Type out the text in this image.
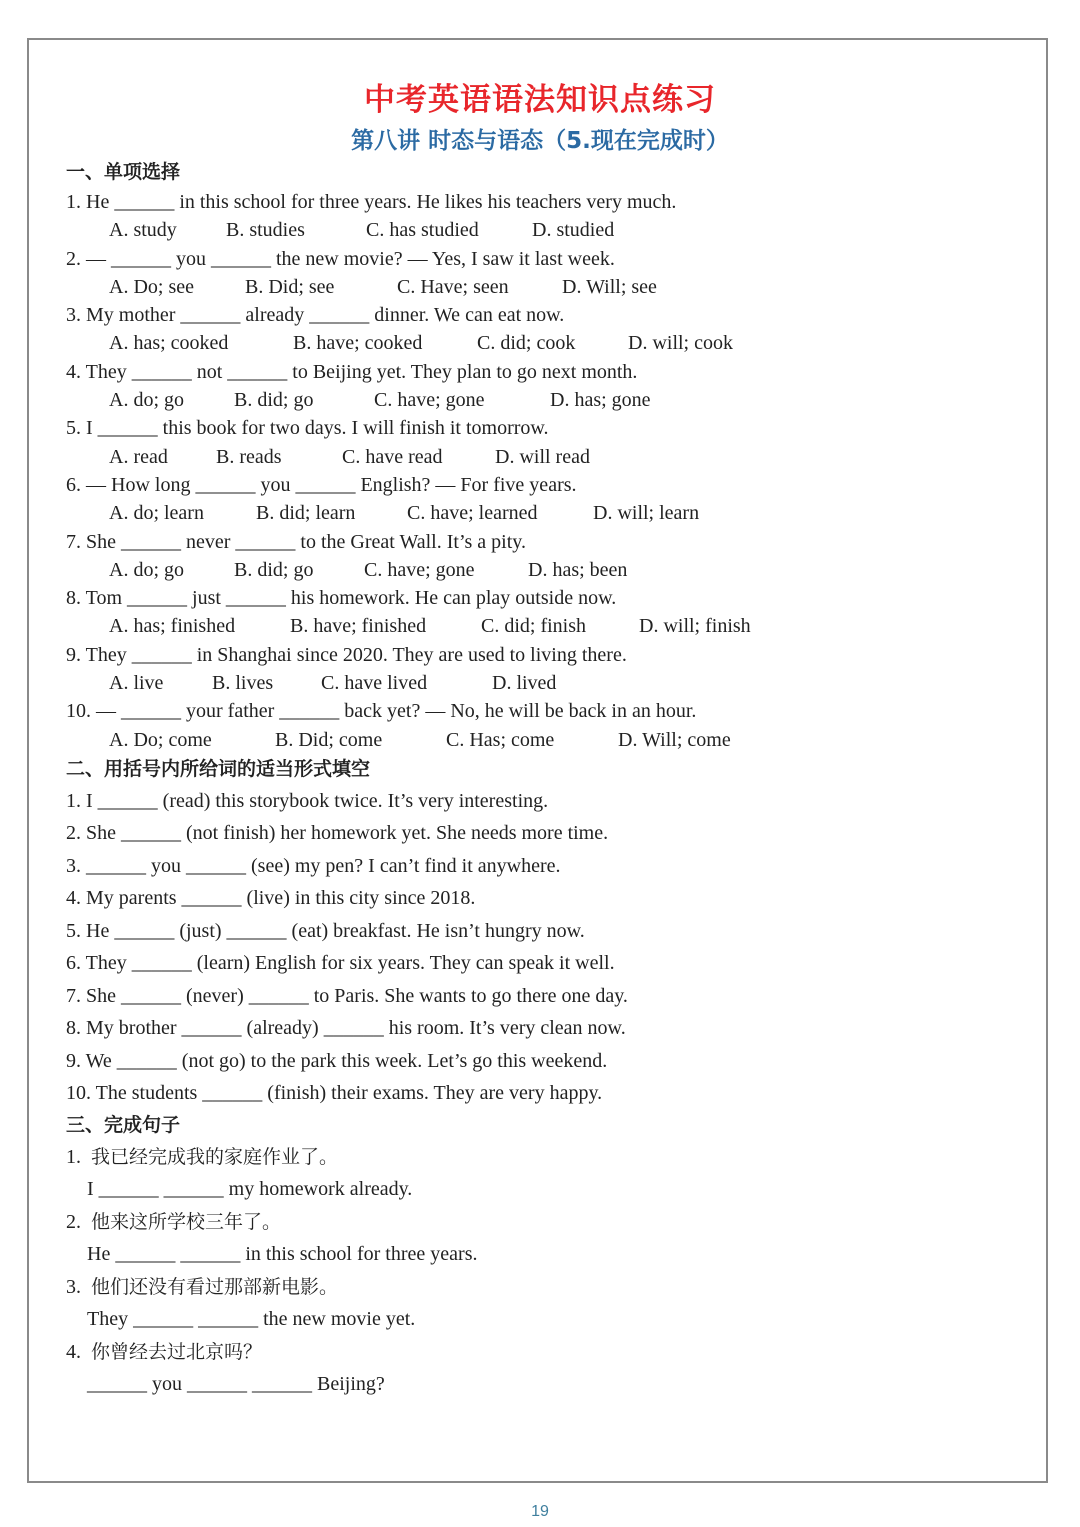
中考英语语法知识点练习
第八讲 时态与语态（5.现在完成时）
一、单项选择
1. He ______ in this school for three years. He likes his teachers very much.
A. study B. studies	C. has studied	D. studied
2. — ______ you ______ the new movie? — Yes, I saw it last week.
A. Do; see	B. Did; see	C. Have; seen	D. Will; see
3. My mother ______ already ______ dinner. We can eat now.
A. has; cooked	B. have; cooked	C. did; cook	D. will; cook
4. They ______ not ______ to Beijing yet. They plan to go next month.
A. do; go	B. did; go	C. have; gone	D. has; gone
5. I ______ this book for two days. I will finish it tomorrow.
A. read B. reads	C. have read	D. will read
6. — How long ______ you ______ English? — For five years.
A. do; learn	B. did; learn	C. have; learned	D. will; learn
7. She ______ never ______ to the Great Wall. It’s a pity.
A. do; go	B. did; go	C. have; gone	D. has; been
8. Tom ______ just ______ his homework. He can play outside now.
A. has; finished	B. have; finished	C. did; finish	D. will; finish
9. They ______ in Shanghai since 2020. They are used to living there.
A. live B. lives C. have lived	D. lived
10. — ______ your father ______ back yet? — No, he will be back in an hour.
A. Do; come	B. Did; come	C. Has; come	D. Will; come
二、用括号内所给词的适当形式填空
1. I ______ (read) this storybook twice. It’s very interesting.
2. She ______ (not finish) her homework yet. She needs more time.
3. ______ you ______ (see) my pen? I can’t find it anywhere.
4. My parents ______ (live) in this city since 2018.
5. He ______ (just) ______ (eat) breakfast. He isn’t hungry now.
6. They ______ (learn) English for six years. They can speak it well.
7. She ______ (never) ______ to Paris. She wants to go there one day.
8. My brother ______ (already) ______ his room. It’s very clean now.
9. We ______ (not go) to the park this week. Let’s go this weekend.
10. The students ______ (finish) their exams. They are very happy.
三、完成句子
1. 我已经完成我的家庭作业了。
I ______ ______ my homework already.
2. 他来这所学校三年了。
He ______ ______ in this school for three years.
3. 他们还没有看过那部新电影。
They ______ ______ the new movie yet.
4. 你曾经去过北京吗？
______ you ______ ______ Beijing?
19
